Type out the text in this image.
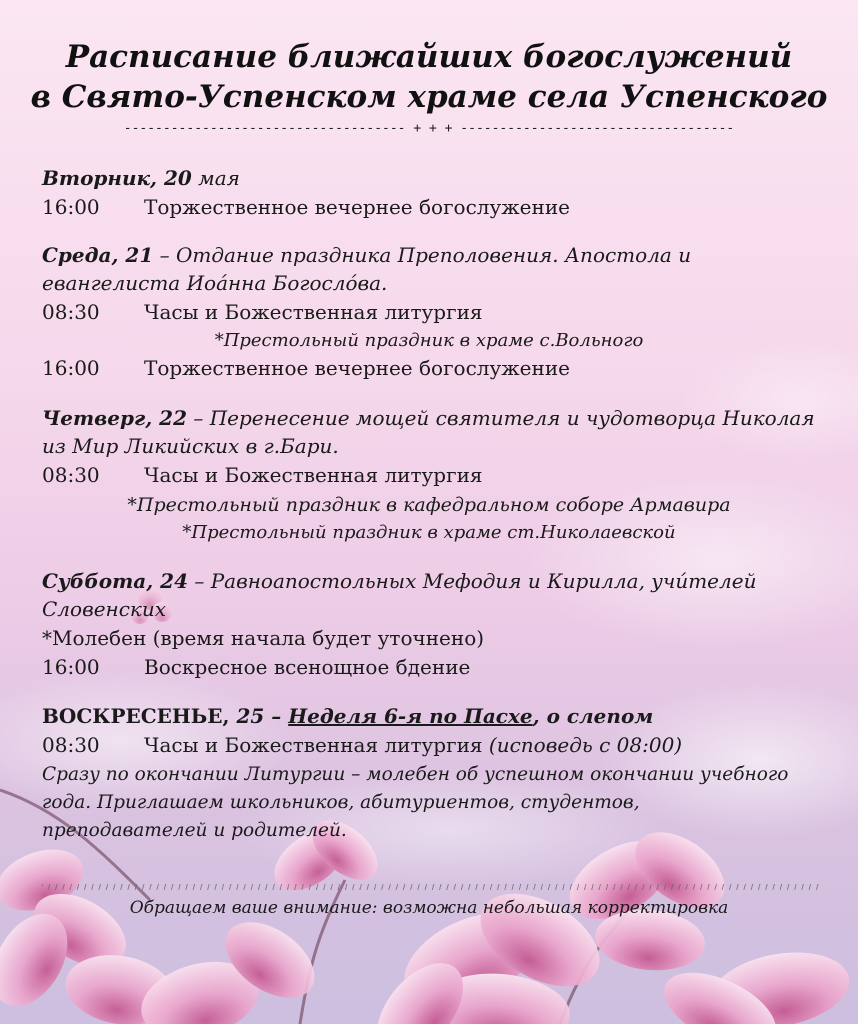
Расписание ближайших богослужений
в Свято-Успенском храме села Успенского
------------------------------------ + + + -----------------------------------
Вторник, 20 мая
16:00 Торжественное вечернее богослужение
Среда, 21 – Отдание праздника Преполовения. Апостола и
евангелиста Иоáнна Богослóва.
08:30 Часы и Божественная литургия
*Престольный праздник в храме с.Вольного
16:00 Торжественное вечернее богослужение
Четверг, 22 – Перенесение мощей святителя и чудотворца Николая
из Мир Ликийских в г.Бари.
08:30 Часы и Божественная литургия
*Престольный праздник в кафедральном соборе Армавира
*Престольный праздник в храме ст.Николаевской
Суббота, 24 – Равноапостольных Мефодия и Кирилла, учи́телей
Словенских
*Молебен (время начала будет уточнено)
16:00 Воскресное всенощное бдение
ВОСКРЕСЕНЬЕ, 25 – Неделя 6-я по Пасхе, о слепом
08:30 Часы и Божественная литургия (исповедь с 08:00)
Сразу по окончании Литургии – молебен об успешном окончании учебного
года. Приглашаем школьников, абитуриентов, студентов,
преподавателей и родителей.
Обращаем ваше внимание: возможна небольшая корректировка
